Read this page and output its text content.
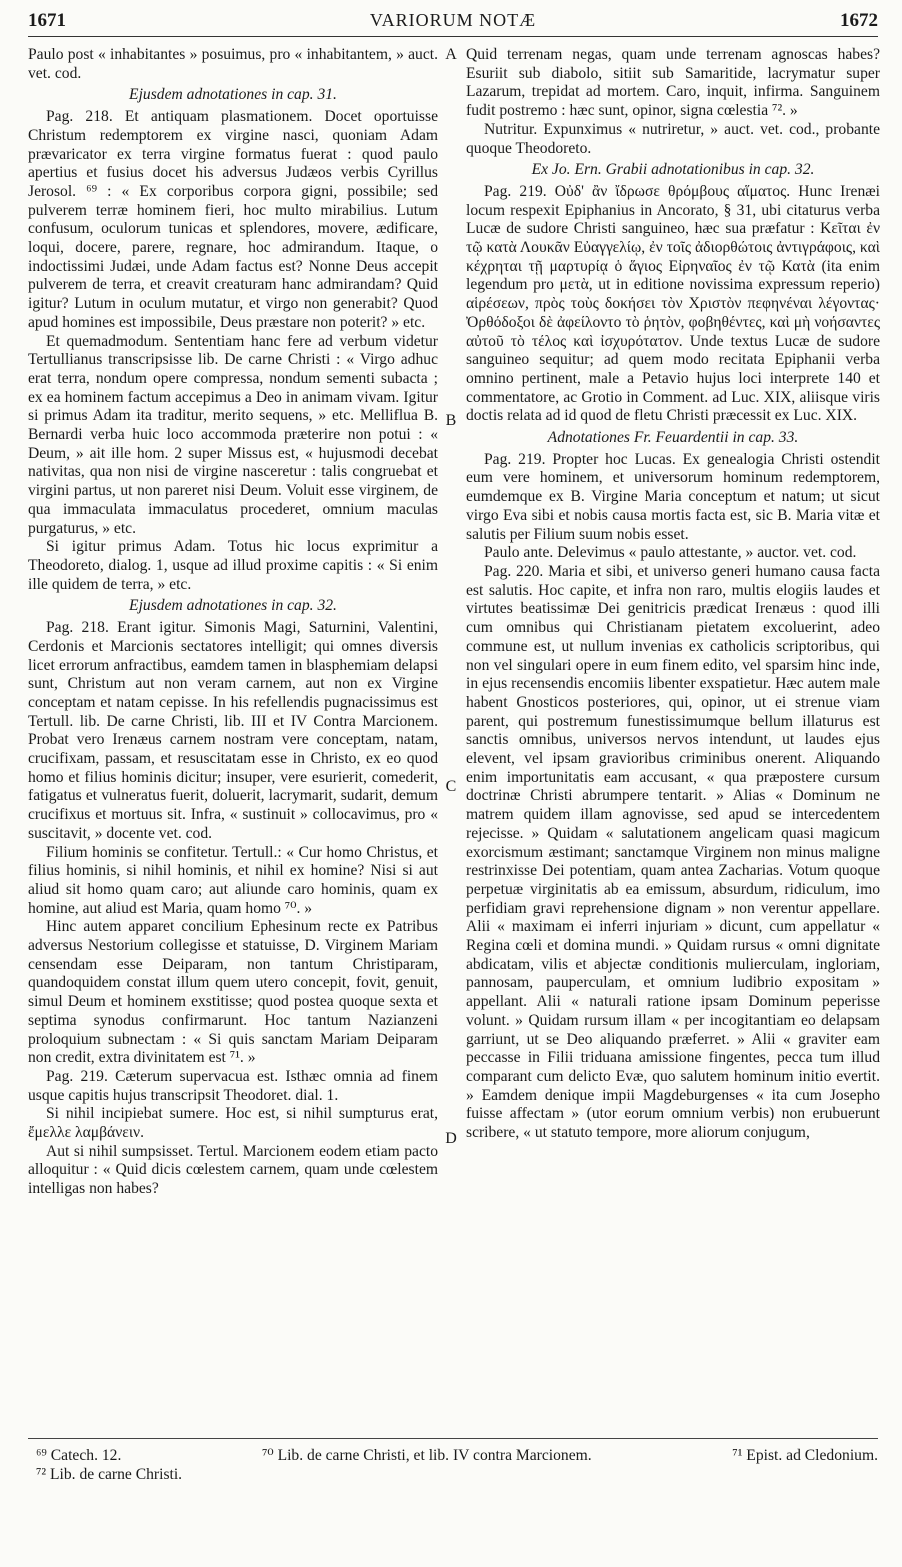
1671	VARIORUM NOTÆ	1672

Paulo post « inhabitantes » posuimus, pro « inhabitantem, » auct. vet. cod.

Ejusdem adnotationes in cap. 31.

Pag. 218. Et antiquam plasmationem. Docet oportuisse Christum redemptorem ex virgine nasci, quoniam Adam prævaricator ex terra virgine formatus fuerat : quod paulo apertius et fusius docet his adversus Judæos verbis Cyrillus Jerosol. ⁶⁹ : « Ex corporibus corpora gigni, possibile; sed pulverem terræ hominem fieri, hoc multo mirabilius. Lutum confusum, oculorum tunicas et splendores, movere, ædificare, loqui, docere, parere, regnare, hoc admirandum. Itaque, o indoctissimi Judæi, unde Adam factus est? Nonne Deus accepit pulverem de terra, et creavit creaturam hanc admirandam? Quid igitur? Lutum in oculum mutatur, et virgo non generabit? Quod apud homines est impossibile, Deus præstare non poterit? » etc.

Et quemadmodum. Sententiam hanc fere ad verbum videtur Tertullianus transcripsisse lib. De carne Christi : « Virgo adhuc erat terra, nondum opere compressa, nondum sementi subacta ; ex ea hominem factum accepimus a Deo in animam vivam. Igitur si primus Adam ita traditur, merito sequens, » etc. Melliflua B. Bernardi verba huic loco accommoda præterire non potui : « Deum, » ait ille hom. 2 super Missus est, « hujusmodi decebat nativitas, qua non nisi de virgine nasceretur : talis congruebat et virgini partus, ut non pareret nisi Deum. Voluit esse virginem, de qua immaculata immaculatus procederet, omnium maculas purgaturus, » etc.

Si igitur primus Adam. Totus hic locus exprimitur a Theodoreto, dialog. 1, usque ad illud proxime capitis : « Si enim ille quidem de terra, » etc.

Ejusdem adnotationes in cap. 32.

Pag. 218. Erant igitur. Simonis Magi, Saturnini, Valentini, Cerdonis et Marcionis sectatores intelligit; qui omnes diversis licet errorum anfractibus, eamdem tamen in blasphemiam delapsi sunt, Christum aut non veram carnem, aut non ex Virgine conceptam et natam cepisse. In his refellendis pugnacissimus est Tertull. lib. De carne Christi, lib. III et IV Contra Marcionem. Probat vero Irenæus carnem nostram vere conceptam, natam, crucifixam, passam, et resuscitatam esse in Christo, ex eo quod homo et filius hominis dicitur; insuper, vere esurierit, comederit, fatigatus et vulneratus fuerit, doluerit, lacrymarit, sudarit, demum crucifixus et mortuus sit. Infra, « sustinuit » collocavimus, pro « suscitavit, » docente vet. cod.

Filium hominis se confitetur. Tertull.: « Cur homo Christus, et filius hominis, si nihil hominis, et nihil ex homine? Nisi si aut aliud sit homo quam caro; aut aliunde caro hominis, quam ex homine, aut aliud est Maria, quam homo ⁷⁰. »

Hinc autem apparet concilium Ephesinum recte ex Patribus adversus Nestorium collegisse et statuisse, D. Virginem Mariam censendam esse Deiparam, non tantum Christiparam, quandoquidem constat illum quem utero concepit, fovit, genuit, simul Deum et hominem exstitisse; quod postea quoque sexta et septima synodus confirmarunt. Hoc tantum Nazianzeni proloquium subnectam : « Si quis sanctam Mariam Deiparam non credit, extra divinitatem est ⁷¹. »

Pag. 219. Cæterum supervacua est. Isthæc omnia ad finem usque capitis hujus transcripsit Theodoret. dial. 1.

Si nihil incipiebat sumere. Hoc est, si nihil sumpturus erat, ἔμελλε λαμβάνειν.

Aut si nihil sumpsisset. Tertul. Marcionem eodem etiam pacto alloquitur : « Quid dicis cœlestem carnem, quam unde cœlestem intelligas non habes?

Quid terrenam negas, quam unde terrenam agnoscas habes? Esuriit sub diabolo, sitiit sub Samaritide, lacrymatur super Lazarum, trepidat ad mortem. Caro, inquit, infirma. Sanguinem fudit postremo : hæc sunt, opinor, signa cœlestia ⁷². »

Nutritur. Expunximus « nutriretur, » auct. vet. cod., probante quoque Theodoreto.

Ex Jo. Ern. Grabii adnotationibus in cap. 32.

Pag. 219. Οὐδ' ἂν ἴδρωσε θρόμβους αἵματος. Hunc Irenæi locum respexit Epiphanius in Ancorato, § 31, ubi citaturus verba Lucæ de sudore Christi sanguineo, hæc sua præfatur : Κεῖται ἐν τῷ κατὰ Λουκᾶν Εὐαγγελίῳ, ἐν τοῖς ἀδιορθώτοις ἀντιγράφοις, καὶ κέχρηται τῇ μαρτυρίᾳ ὁ ἅγιος Εἰρηναῖος ἐν τῷ Κατὰ (ita enim legendum pro μετὰ, ut in editione novissima expressum reperio) αἱρέσεων, πρὸς τοὺς δοκήσει τὸν Χριστὸν πεφηνέναι λέγοντας· Ὀρθόδοξοι δὲ ἀφείλοντο τὸ ῥητὸν, φοβηθέντες, καὶ μὴ νοήσαντες αὐτοῦ τὸ τέλος καὶ ἰσχυρότατον. Unde textus Lucæ de sudore sanguineo sequitur; ad quem modo recitata Epiphanii verba omnino pertinent, male a Petavio hujus loci interprete 140 et commentatore, ac Grotio in Comment. ad Luc. XIX, aliisque viris doctis relata ad id quod de fletu Christi præcessit ex Luc. XIX.

Adnotationes Fr. Feuardentii in cap. 33.

Pag. 219. Propter hoc Lucas. Ex genealogia Christi ostendit eum vere hominem, et universorum hominum redemptorem, eumdemque ex B. Virgine Maria conceptum et natum; ut sicut virgo Eva sibi et nobis causa mortis facta est, sic B. Maria vitæ et salutis per Filium suum nobis esset.

Paulo ante. Delevimus « paulo attestante, » auctor. vet. cod.

Pag. 220. Maria et sibi, et universo generi humano causa facta est salutis. Hoc capite, et infra non raro, multis elogiis laudes et virtutes beatissimæ Dei genitricis prædicat Irenæus : quod illi cum omnibus qui Christianam pietatem excoluerint, adeo commune est, ut nullum invenias ex catholicis scriptoribus, qui non vel singulari opere in eum finem edito, vel sparsim hinc inde, in ejus recensendis encomiis libenter exspatietur. Hæc autem male habent Gnosticos posteriores, qui, opinor, ut ei strenue viam parent, qui postremum funestissimumque bellum illaturus est sanctis omnibus, universos nervos intendunt, ut laudes ejus elevent, vel ipsam gravioribus criminibus onerent. Aliquando enim importunitatis eam accusant, « qua præpostere cursum doctrinæ Christi abrumpere tentarit. » Alias « Dominum ne matrem quidem illam agnovisse, sed apud se intercedentem rejecisse. » Quidam « salutationem angelicam quasi magicum exorcismum æstimant; sanctamque Virginem non minus maligne restrinxisse Dei potentiam, quam antea Zacharias. Votum quoque perpetuæ virginitatis ab ea emissum, absurdum, ridiculum, imo perfidiam gravi reprehensione dignam » non verentur appellare. Alii « maximam ei inferri injuriam » dicunt, cum appellatur « Regina cœli et domina mundi. » Quidam rursus « omni dignitate abdicatam, vilis et abjectæ conditionis mulierculam, ingloriam, pannosam, pauperculam, et omnium ludibrio expositam » appellant. Alii « naturali ratione ipsam Dominum peperisse volunt. » Quidam rursum illam « per incogitantiam eo delapsam garriunt, ut se Deo aliquando præferret. » Alii « graviter eam peccasse in Filii triduana amissione fingentes, pecca tum illud comparant cum delicto Evæ, quo salutem hominum initio evertit. » Eamdem denique impii Magdeburgenses « ita cum Josepho fuisse affectam » (utor eorum omnium verbis) non erubuerunt scribere, « ut statuto tempore, more aliorum conjugum,

A
B
C
D
⁶⁹ Catech. 12.	⁷⁰ Lib. de carne Christi, et lib. IV contra Marcionem.	⁷¹ Epist. ad Cledonium.
⁷² Lib. de carne Christi.
